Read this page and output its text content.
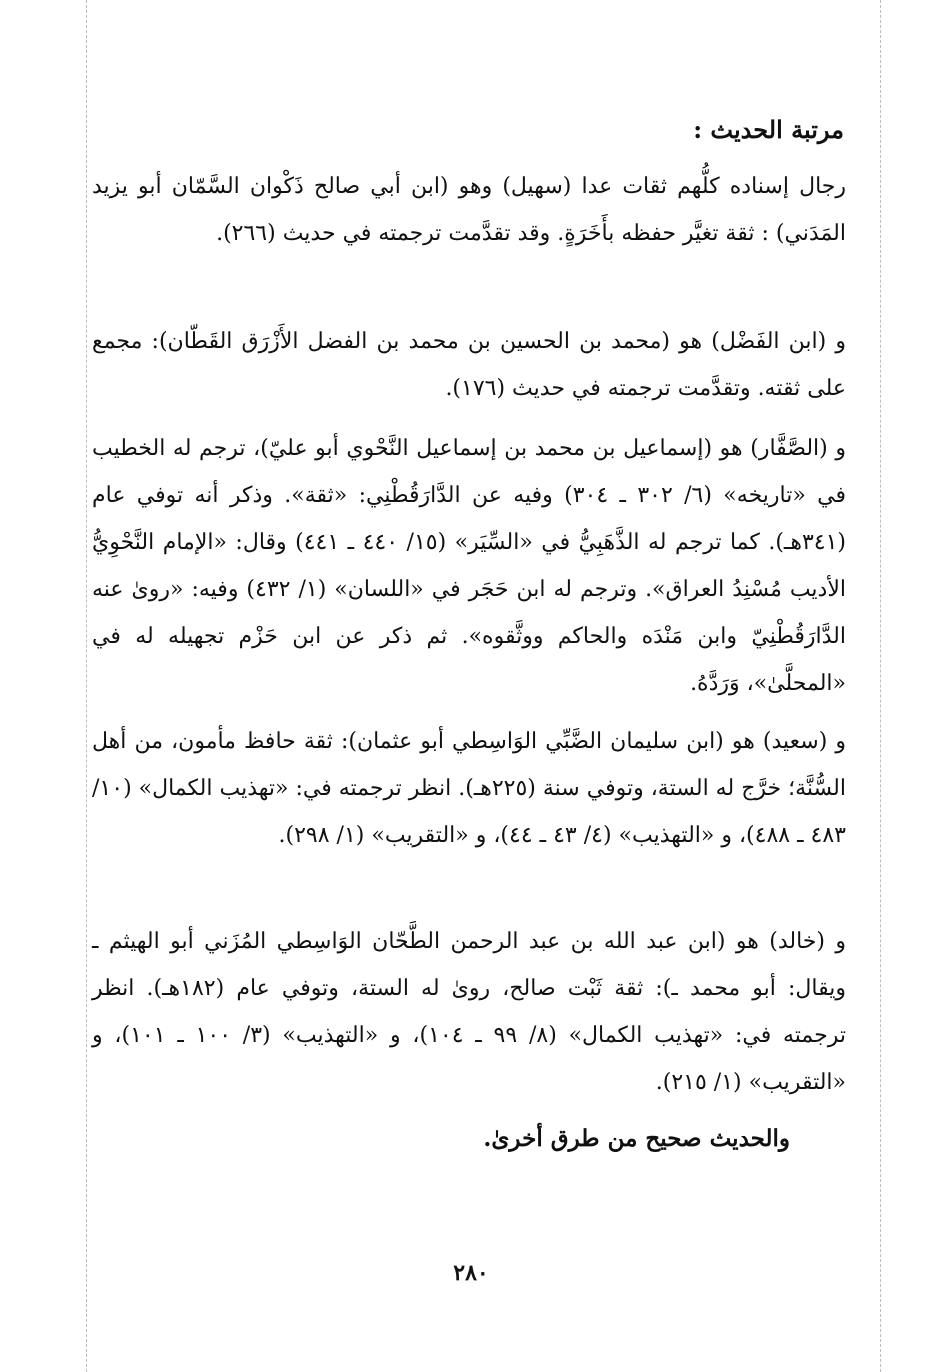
مرتبة الحديث :
رجال إسناده كلُّهم ثقات عدا (سهيل) وهو (ابن أبي صالح ذَكْوان السَّمّان أبو يزيد المَدَني) : ثقة تغيَّر حفظه بأَخَرَةٍ. وقد تقدَّمت ترجمته في حديث (٢٦٦).
و (ابن الفَضْل) هو (محمد بن الحسين بن محمد بن الفضل الأَزْرَق القَطّان): مجمع على ثقته. وتقدَّمت ترجمته في حديث (١٧٦).
و (الصَّفَّار) هو (إسماعيل بن محمد بن إسماعيل النَّحْوي أبو عليّ)، ترجم له الخطيب في «تاريخه» (٦/ ٣٠٢ ـ ٣٠٤) وفيه عن الدَّارَقُطْنِي: «ثقة». وذكر أنه توفي عام (٣٤١هـ). كما ترجم له الذَّهَبِيُّ في «السِّيَر» (١٥/ ٤٤٠ ـ ٤٤١) وقال: «الإمام النَّحْوِيُّ الأديب مُسْنِدُ العراق». وترجم له ابن حَجَر في «اللسان» (١/ ٤٣٢) وفيه: «روىٰ عنه الدَّارَقُطْنِيّ وابن مَنْدَه والحاكم ووثَّقوه». ثم ذكر عن ابن حَزْم تجهيله له في «المحلَّىٰ»، وَرَدَّهُ.
و (سعيد) هو (ابن سليمان الضَّبِّي الوَاسِطي أبو عثمان): ثقة حافظ مأمون، من أهل السُّنَّة؛ خرَّج له الستة، وتوفي سنة (٢٢٥هـ). انظر ترجمته في: «تهذيب الكمال» (١٠/ ٤٨٣ ـ ٤٨٨)، و «التهذيب» (٤/ ٤٣ ـ ٤٤)، و «التقريب» (١/ ٢٩٨).
و (خالد) هو (ابن عبد الله بن عبد الرحمن الطَّحّان الوَاسِطي المُزَني أبو الهيثم ـ ويقال: أبو محمد ـ): ثقة ثَبْت صالح، روىٰ له الستة، وتوفي عام (١٨٢هـ). انظر ترجمته في: «تهذيب الكمال» (٨/ ٩٩ ـ ١٠٤)، و «التهذيب» (٣/ ١٠٠ ـ ١٠١)، و «التقريب» (١/ ٢١٥).
والحديث صحيح من طرق أخرىٰ.
٢٨٠
